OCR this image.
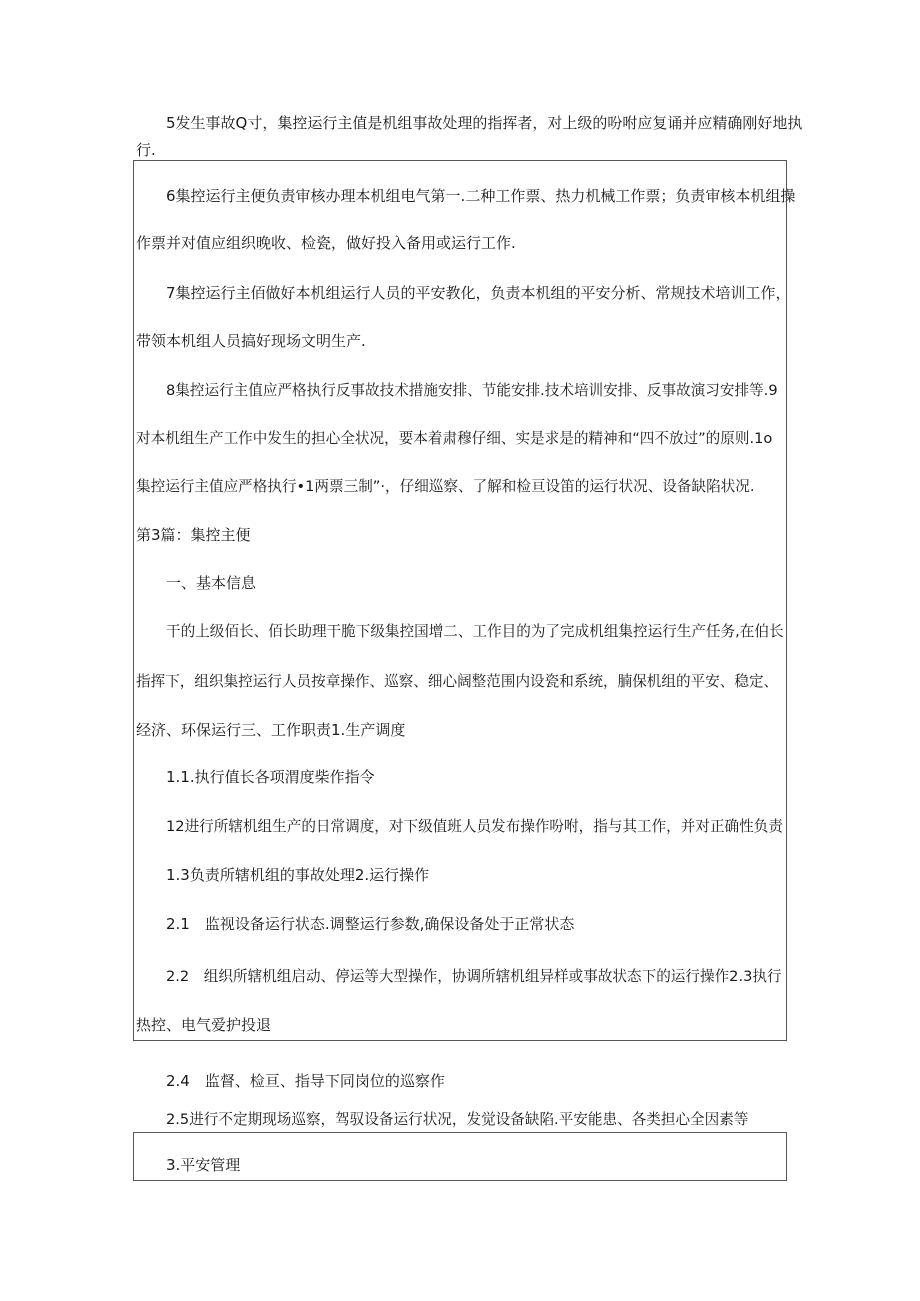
5发生事故Q寸，集控运行主值是机组事故处理的指挥者，对上级的吩咐应复诵并应精确刚好地执
行.
6集控运行主便负责审核办理本机组电气第一.二种工作票、热力机械工作票；负责审核本机组操
作票并对值应组织晚收、检瓷，做好投入备用或运行工作.
7集控运行主佰做好本机组运行人员的平安教化，负责本机组的平安分析、常规技术培训工作，
带领本机组人员搞好现场文明生产.
8集控运行主值应严格执行反事故技术措施安排、节能安排.技术培训安排、反事故演习安排等.9
对本机组生产工作中发生的担心全状况，要本着肃穆仔细、实是求是的精神和“四不放过”的原则.1o
集控运行主值应严格执行•1两票三制”·，仔细巡察、了解和检亘设笛的运行状况、设备缺陷状况.
第3篇：集控主便
一、基本信息
干的上级佰长、佰长助理干脆下级集控国增二、工作目的为了完成机组集控运行生产任务,在伯长
指挥下，组织集控运行人员按章操作、巡察、细心阔整范围内设瓷和系统，腩保机组的平安、稳定、
经济、环保运行三、工作职责1.生产调度
1.1.执行值长各项渭度柴作指令
12进行所辖机组生产的日常调度，对下级值班人员发布操作吩咐，指与其工作，并对正确性负责
1.3负责所辖机组的事故处理2.运行操作
2.1　监视设备运行状态.调整运行参数,确保设备处于正常状态
2.2　组织所辖机组启动、停运等大型操作，协调所辖机组异样或事故状态下的运行操作2.3执行
热控、电气爱护投退
2.4　监督、检亘、指导下同岗位的巡察作
2.5进行不定期现场巡察，驾驭设备运行状况，发觉设备缺陷.平安能患、各类担心全因素等
3.平安管理
